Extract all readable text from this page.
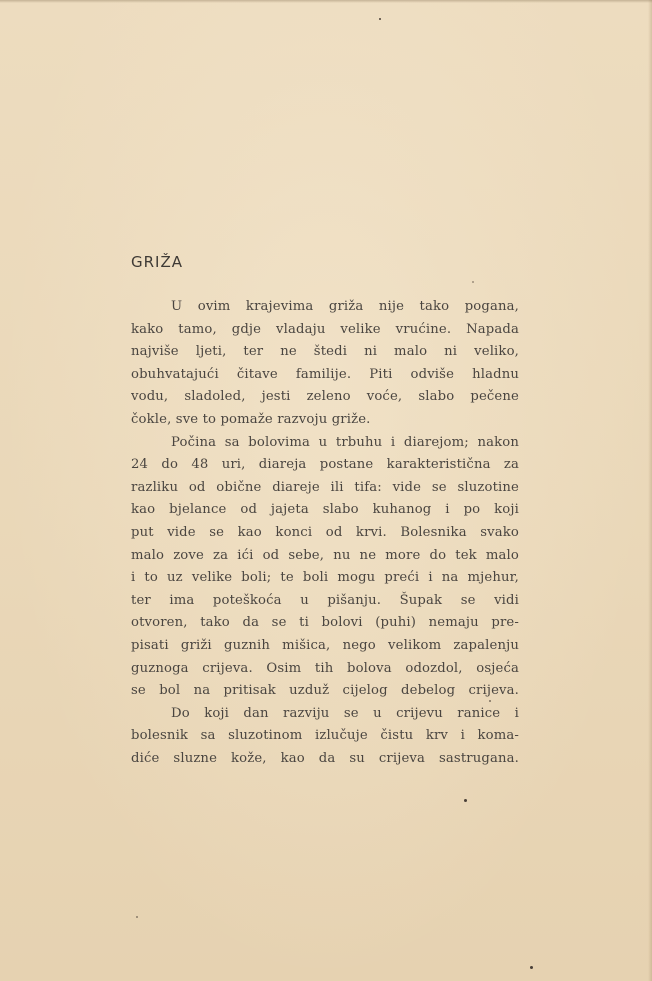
GRIŽA
U ovim krajevima griža nije tako pogana,
kako tamo, gdje vladaju velike vrućine. Napada
najviše ljeti, ter ne štedi ni malo ni veliko,
obuhvatajući čitave familije. Piti odviše hladnu
vodu, sladoled, jesti zeleno voće, slabo pečene
čokle, sve to pomaže razvoju griže.
Počina sa bolovima u trbuhu i diarejom; nakon
24 do 48 uri, diareja postane karakteristična za
razliku od obične diareje ili tifa: vide se sluzotine
kao bjelance od jajeta slabo kuhanog i po koji
put vide se kao konci od krvi. Bolesnika svako
malo zove za ići od sebe, nu ne more do tek malo
i to uz velike boli; te boli mogu preći i na mjehur,
ter ima poteškoća u pišanju. Šupak se vidi
otvoren, tako da se ti bolovi (puhi) nemaju pre-
pisati griži guznih mišica, nego velikom zapalenju
guznoga crijeva. Osim tih bolova odozdol, osjeća
se bol na pritisak uzduž cijelog debelog crijeva.
Do koji dan razviju se u crijevu ranice i
bolesnik sa sluzotinom izlučuje čistu krv i koma-
diće sluzne kože, kao da su crijeva sastrugana.
